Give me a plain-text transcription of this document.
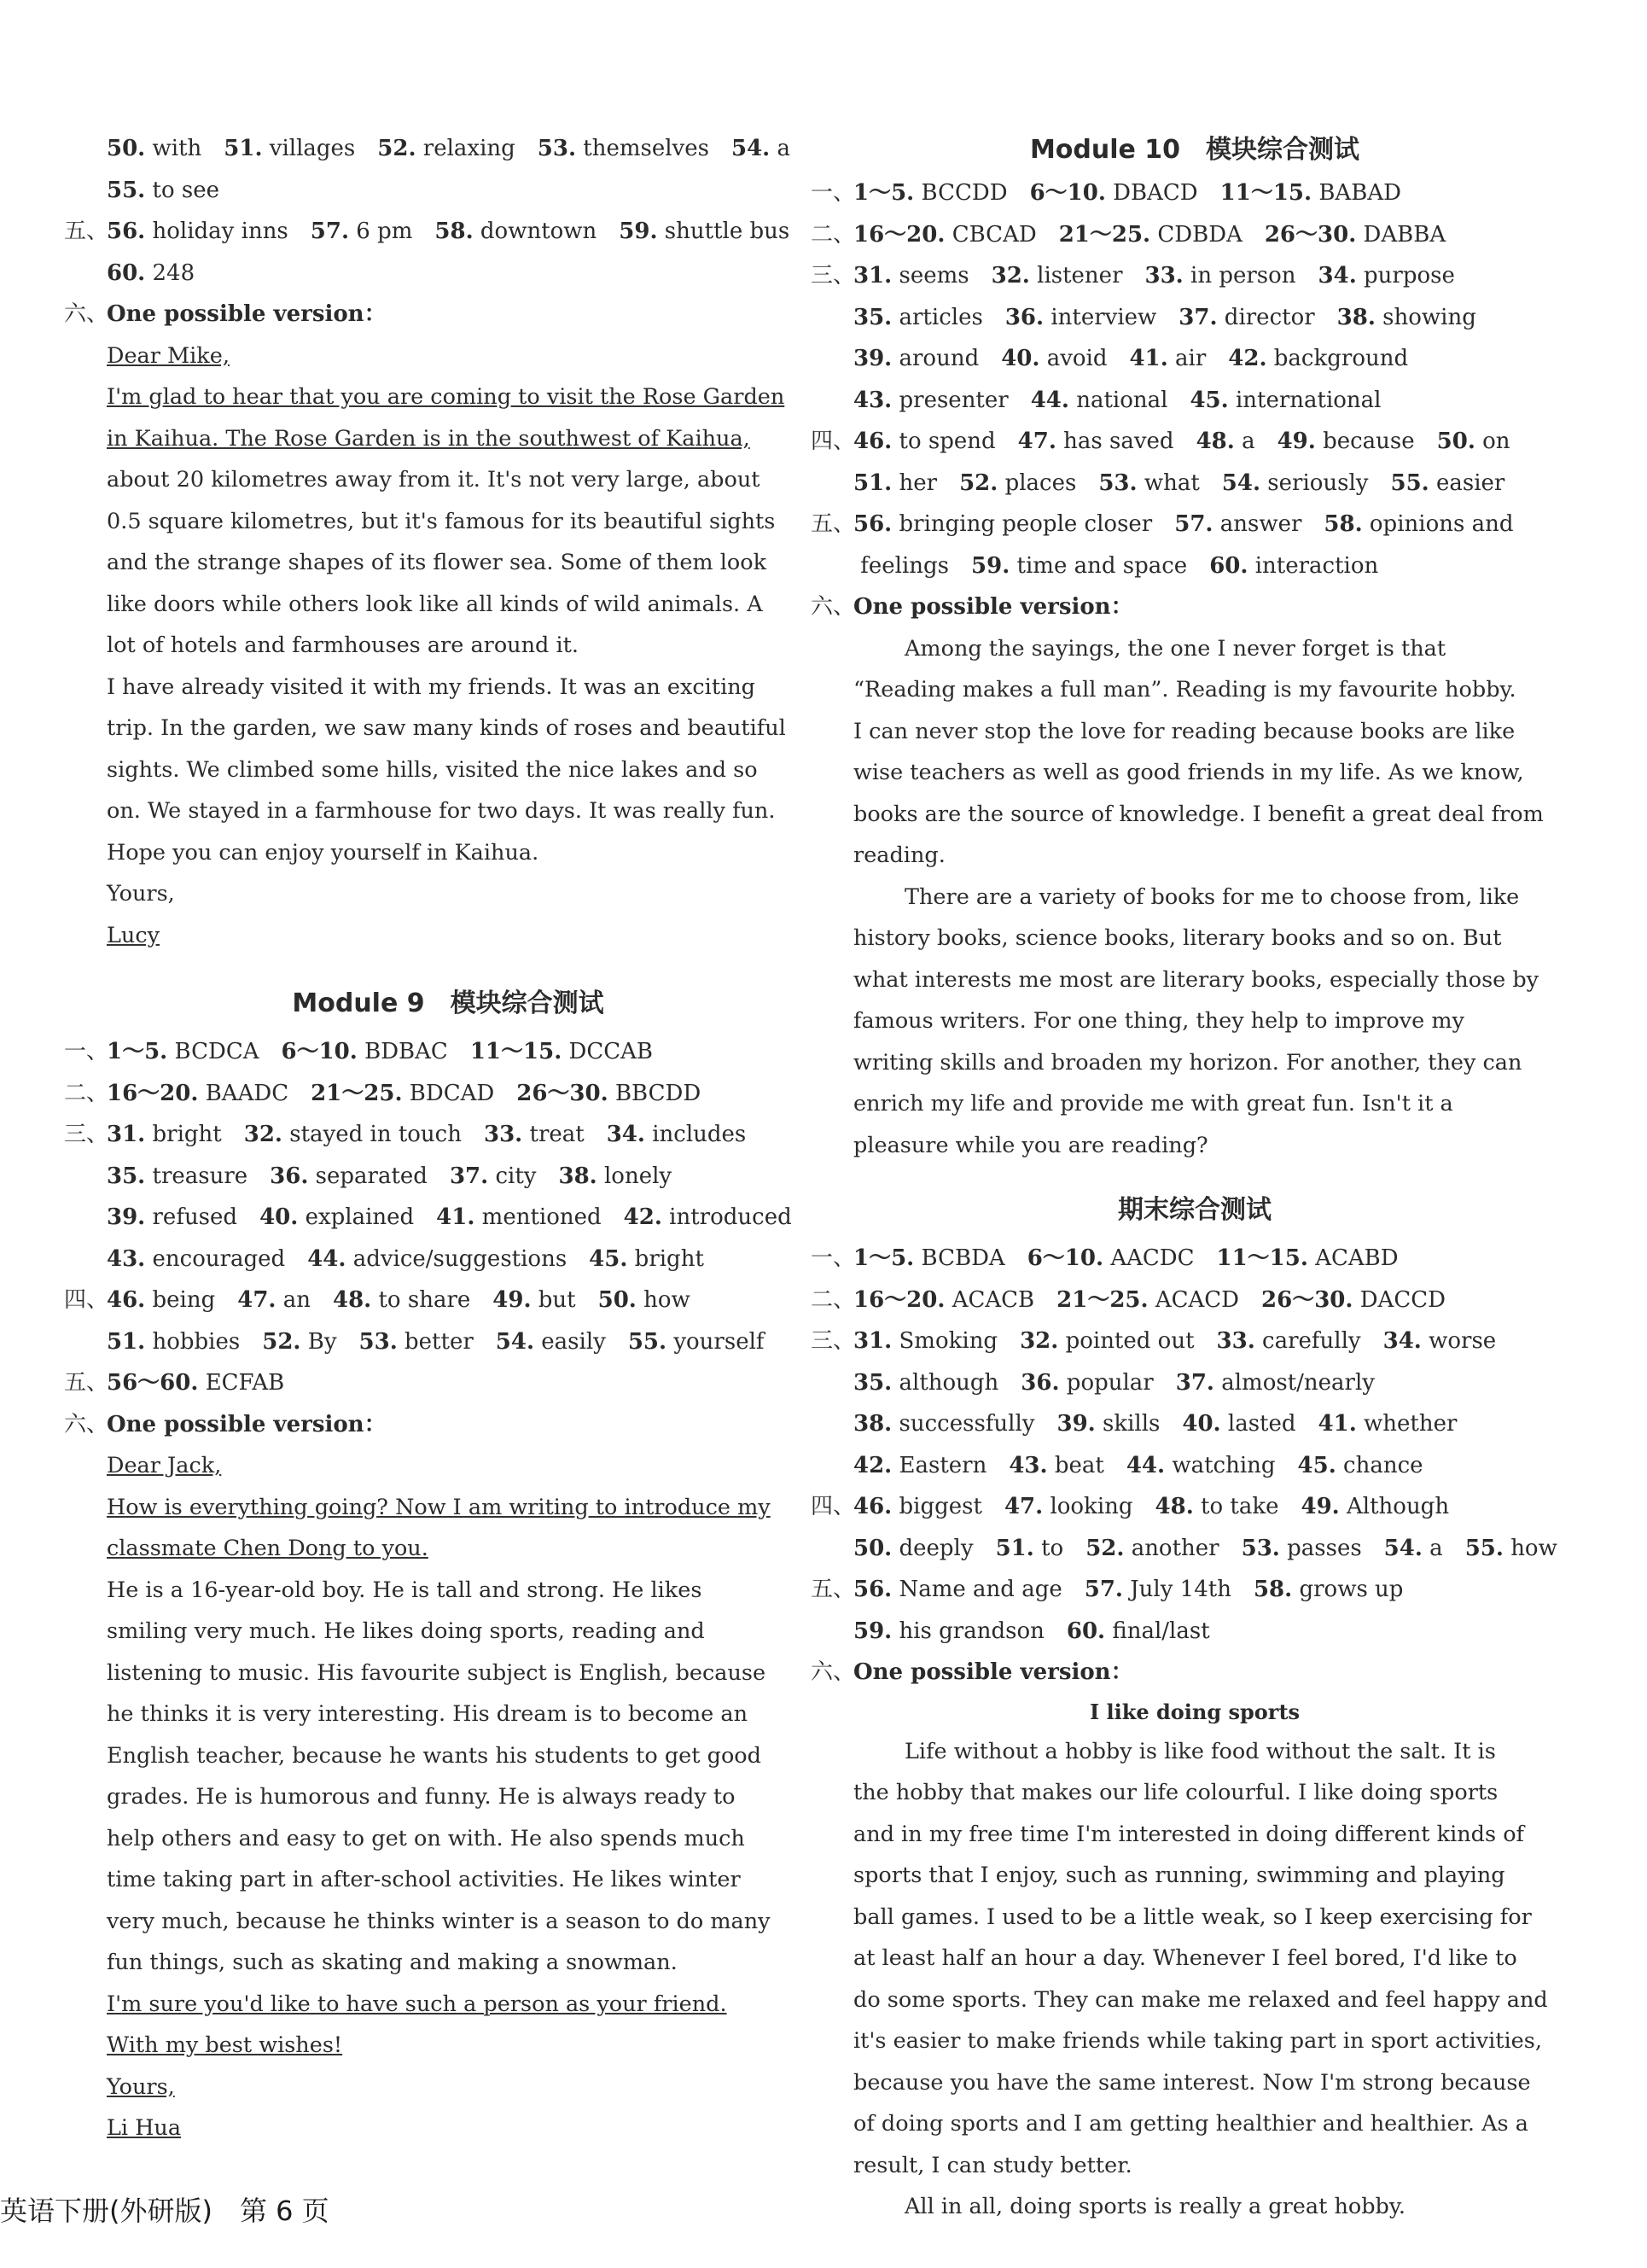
50. with  51. villages  52. relaxing  53. themselves  54. a

55. to see

五、56. holiday inns  57. 6 pm  58. downtown  59. shuttle bus

60. 248

六、One possible version：

Dear Mike,

I'm glad to hear that you are coming to visit the Rose Garden

in Kaihua. The Rose Garden is in the southwest of Kaihua,

about 20 kilometres away from it. It's not very large, about

0.5 square kilometres, but it's famous for its beautiful sights

and the strange shapes of its flower sea. Some of them look

like doors while others look like all kinds of wild animals. A

lot of hotels and farmhouses are around it.

I have already visited it with my friends. It was an exciting

trip. In the garden, we saw many kinds of roses and beautiful

sights. We climbed some hills, visited the nice lakes and so

on. We stayed in a farmhouse for two days. It was really fun.

Hope you can enjoy yourself in Kaihua.

Yours,

Lucy

Module 9　模块综合测试

一、1～5. BCDCA  6～10. BDBAC  11～15. DCCAB

二、16～20. BAADC  21～25. BDCAD  26～30. BBCDD

三、31. bright  32. stayed in touch  33. treat  34. includes

35. treasure  36. separated  37. city  38. lonely

39. refused  40. explained  41. mentioned  42. introduced

43. encouraged  44. advice/suggestions  45. bright

四、46. being  47. an  48. to share  49. but  50. how

51. hobbies  52. By  53. better  54. easily  55. yourself

五、56～60. ECFAB

六、One possible version：

Dear Jack,

How is everything going? Now I am writing to introduce my

classmate Chen Dong to you.

He is a 16-year-old boy. He is tall and strong. He likes

smiling very much. He likes doing sports, reading and

listening to music. His favourite subject is English, because

he thinks it is very interesting. His dream is to become an

English teacher, because he wants his students to get good

grades. He is humorous and funny. He is always ready to

help others and easy to get on with. He also spends much

time taking part in after-school activities. He likes winter

very much, because he thinks winter is a season to do many

fun things, such as skating and making a snowman.

I'm sure you'd like to have such a person as your friend.

With my best wishes!

Yours,

Li Hua

Module 10　模块综合测试

一、1～5. BCCDD  6～10. DBACD  11～15. BABAD

二、16～20. CBCAD  21～25. CDBDA  26～30. DABBA

三、31. seems  32. listener  33. in person  34. purpose

35. articles  36. interview  37. director  38. showing

39. around  40. avoid  41. air  42. background

43. presenter  44. national  45. international

四、46. to spend  47. has saved  48. a  49. because  50. on

51. her  52. places  53. what  54. seriously  55. easier

五、56. bringing people closer  57. answer  58. opinions and

feelings  59. time and space  60. interaction

六、One possible version：

Among the sayings, the one I never forget is that

“Reading makes a full man”. Reading is my favourite hobby.

I can never stop the love for reading because books are like

wise teachers as well as good friends in my life. As we know,

books are the source of knowledge. I benefit a great deal from

reading.

There are a variety of books for me to choose from, like

history books, science books, literary books and so on. But

what interests me most are literary books, especially those by

famous writers. For one thing, they help to improve my

writing skills and broaden my horizon. For another, they can

enrich my life and provide me with great fun. Isn't it a

pleasure while you are reading?

期末综合测试

一、1～5. BCBDA  6～10. AACDC  11～15. ACABD

二、16～20. ACACB  21～25. ACACD  26～30. DACCD

三、31. Smoking  32. pointed out  33. carefully  34. worse

35. although  36. popular  37. almost/nearly

38. successfully  39. skills  40. lasted  41. whether

42. Eastern  43. beat  44. watching  45. chance

四、46. biggest  47. looking  48. to take  49. Although

50. deeply  51. to  52. another  53. passes  54. a  55. how

五、56. Name and age  57. July 14th  58. grows up

59. his grandson  60. final/last

六、One possible version：

I like doing sports

Life without a hobby is like food without the salt. It is

the hobby that makes our life colourful. I like doing sports

and in my free time I'm interested in doing different kinds of

sports that I enjoy, such as running, swimming and playing

ball games. I used to be a little weak, so I keep exercising for

at least half an hour a day. Whenever I feel bored, I'd like to

do some sports. They can make me relaxed and feel happy and

it's easier to make friends while taking part in sport activities,

because you have the same interest. Now I'm strong because

of doing sports and I am getting healthier and healthier. As a

result, I can study better.

All in all, doing sports is really a great hobby.

英语下册(外研版)　第 6 页
